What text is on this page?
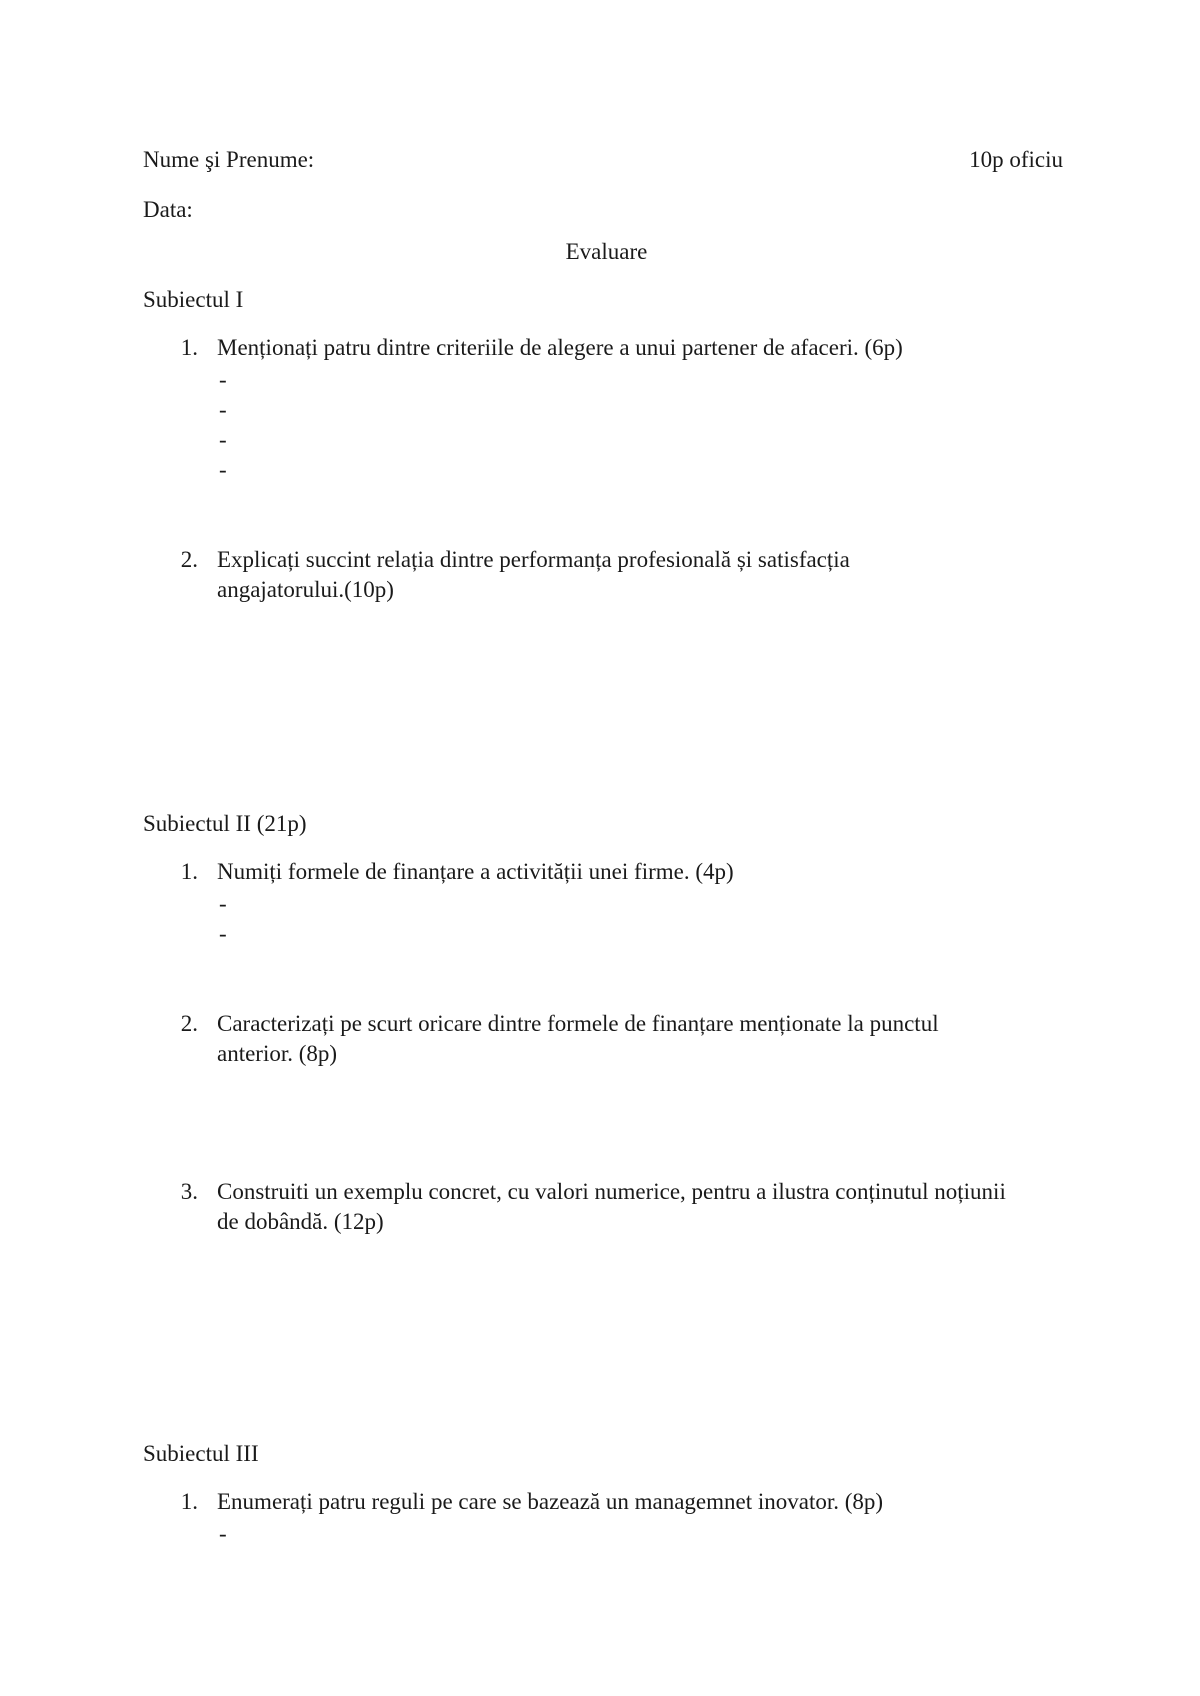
Nume şi Prenume:	10p oficiu
Data:
Evaluare
Subiectul I
1. Menționați patru dintre criteriile de alegere a unui partener de afaceri. (6p)
-
-
-
-
2. Explicați succint relația dintre performanța profesională și satisfacția
angajatorului.(10p)
Subiectul II (21p)
1. Numiți formele de finanțare a activității unei firme. (4p)
-
-
2. Caracterizați pe scurt oricare dintre formele de finanțare menționate la punctul
anterior. (8p)
3. Construiti un exemplu concret, cu valori numerice, pentru a ilustra conținutul noțiunii
de dobândă. (12p)
Subiectul III
1. Enumerați patru reguli pe care se bazează un managemnet inovator. (8p)
-
